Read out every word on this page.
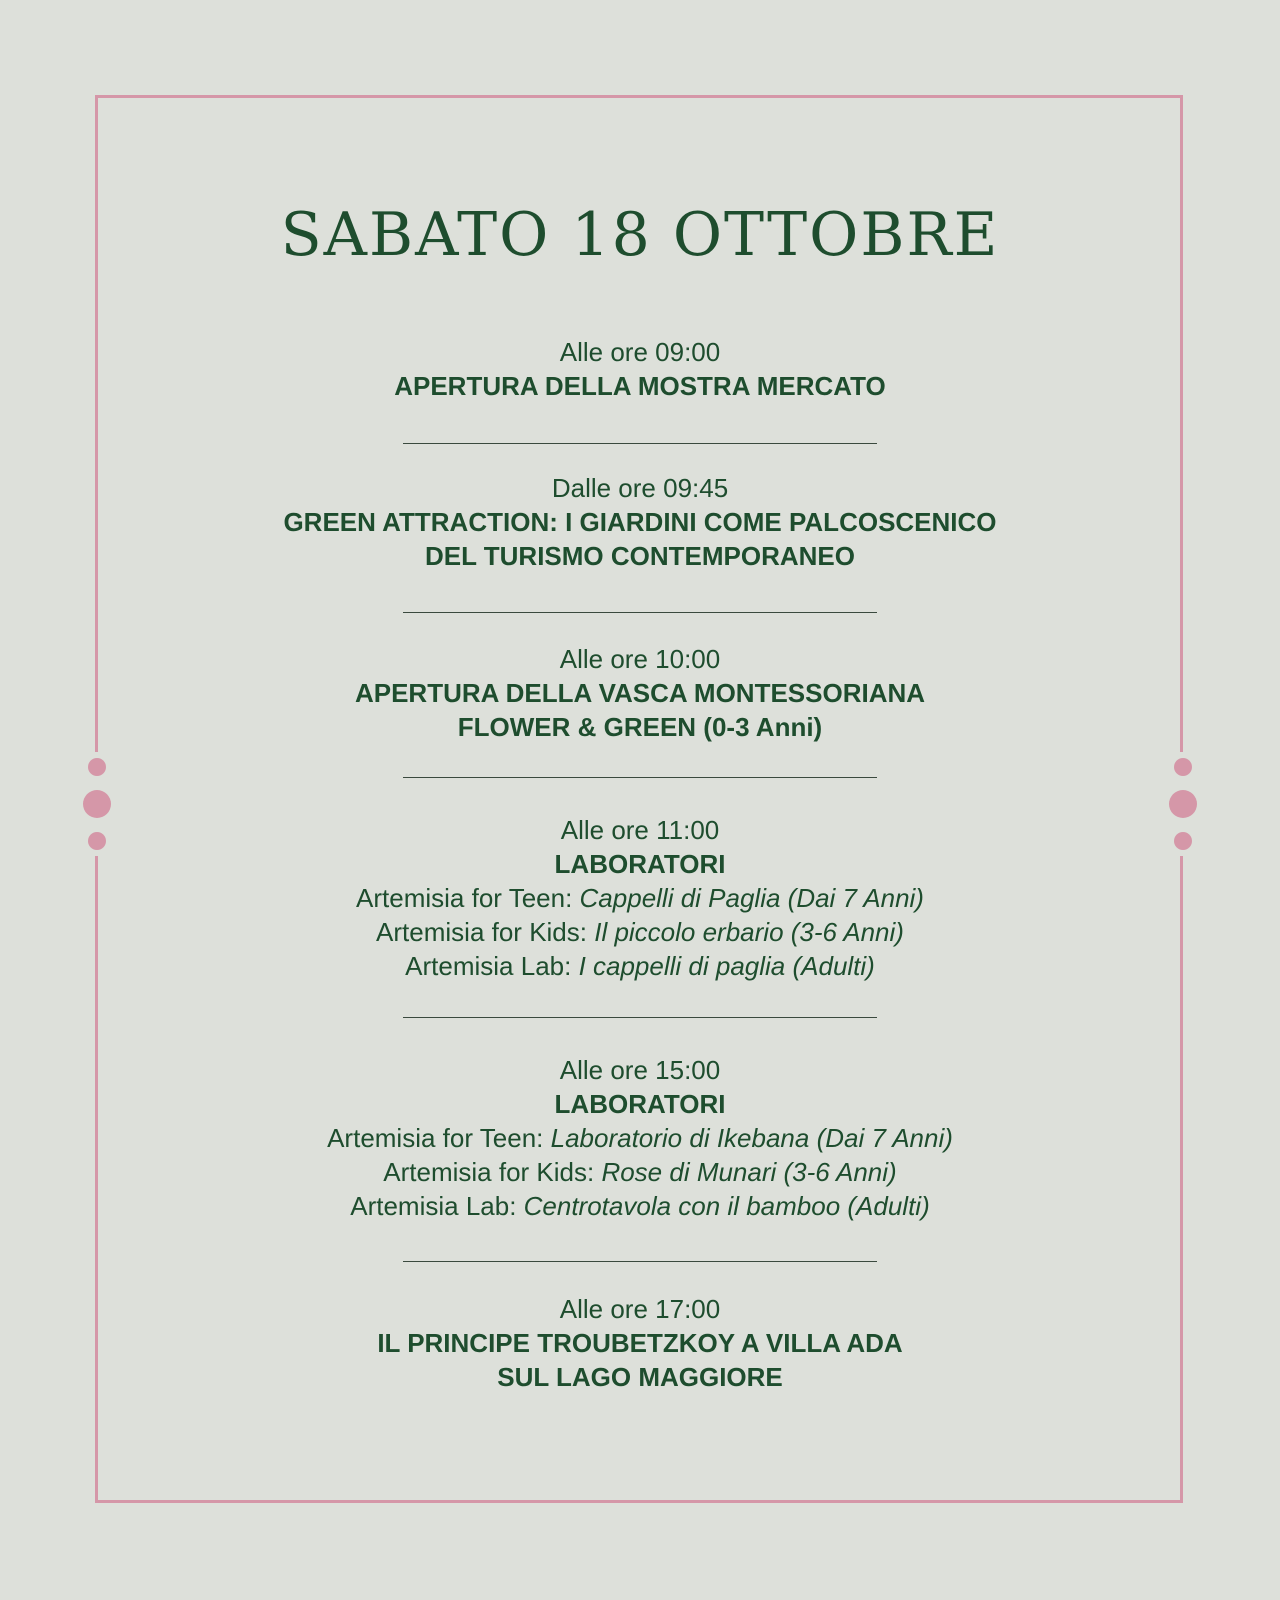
SABATO 18 OTTOBRE
Alle ore 09:00
APERTURA DELLA MOSTRA MERCATO
Dalle ore 09:45
GREEN ATTRACTION: I GIARDINI COME PALCOSCENICO
DEL TURISMO CONTEMPORANEO
Alle ore 10:00
APERTURA DELLA VASCA MONTESSORIANA
FLOWER & GREEN (0-3 Anni)
Alle ore 11:00
LABORATORI
Artemisia for Teen: Cappelli di Paglia (Dai 7 Anni)
Artemisia for Kids: Il piccolo erbario (3-6 Anni)
Artemisia Lab: I cappelli di paglia (Adulti)
Alle ore 15:00
LABORATORI
Artemisia for Teen: Laboratorio di Ikebana (Dai 7 Anni)
Artemisia for Kids: Rose di Munari (3-6 Anni)
Artemisia Lab: Centrotavola con il bamboo (Adulti)
Alle ore 17:00
IL PRINCIPE TROUBETZKOY A VILLA ADA
SUL LAGO MAGGIORE
